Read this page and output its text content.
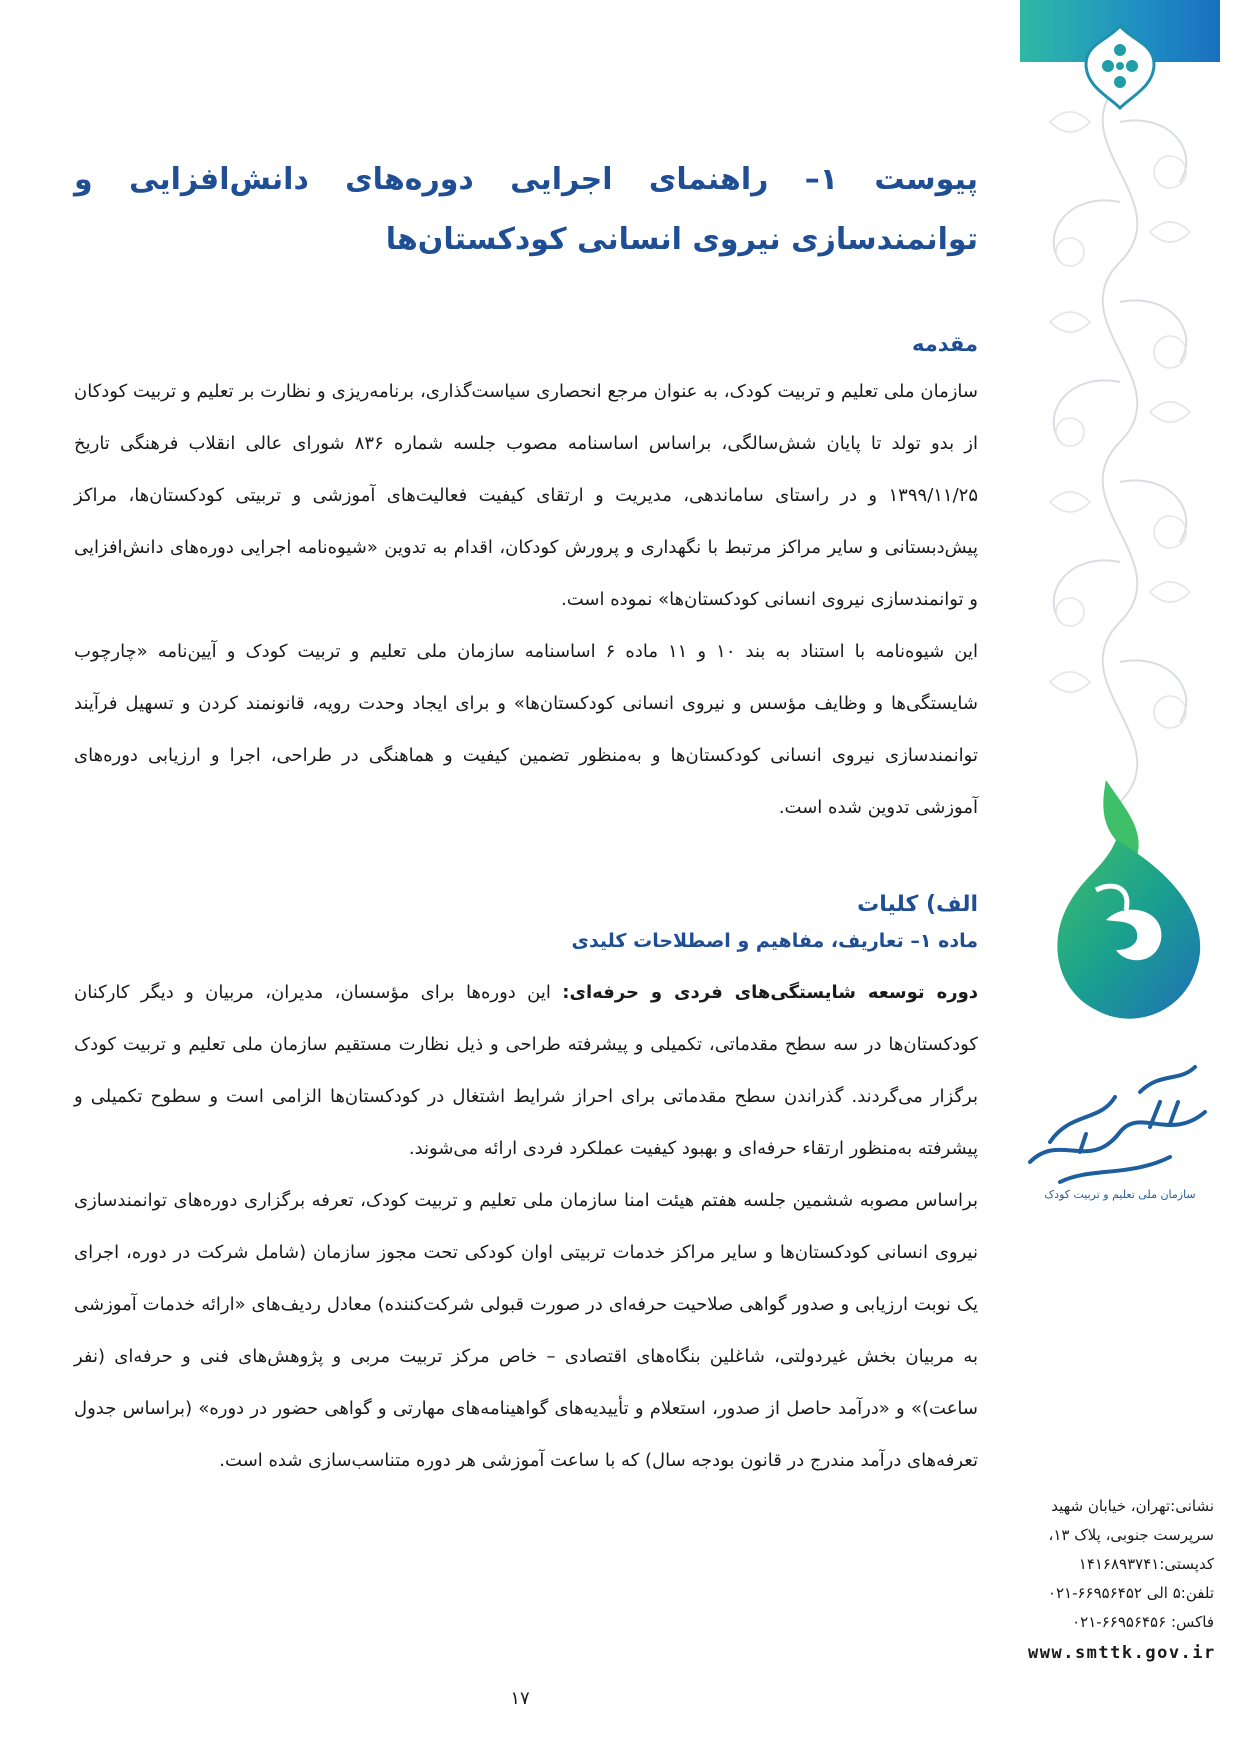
سازمان ملی تعلیم و تربیت کودک
نشانی:تهران، خیابان شهید
سرپرست جنوبی، پلاک ۱۳،
کدپستی:۱۴۱۶۸۹۳۷۴۱
تلفن:۵ الی ۶۶۹۵۶۴۵۲-۰۲۱
فاکس: ۶۶۹۵۶۴۵۶-۰۲۱
www.smttk.gov.ir
پیوست ۱– راهنمای اجرایی دوره‌های دانش‌افزایی و توانمندسازی نیروی انسانی کودکستان‌ها
مقدمه

سازمان ملی تعلیم و تربیت کودک، به عنوان مرجع انحصاری سیاست‌گذاری، برنامه‌ریزی و نظارت بر تعلیم و تربیت کودکان از بدو تولد تا پایان شش‌سالگی، براساس اساسنامه مصوب جلسه شماره ۸۳۶ شورای عالی انقلاب فرهنگی تاریخ ۱۳۹۹/۱۱/۲۵ و در راستای ساماندهی، مدیریت و ارتقای کیفیت فعالیت‌های آموزشی و تربیتی کودکستان‌ها، مراکز پیش‌دبستانی و سایر مراکز مرتبط با نگهداری و پرورش کودکان، اقدام به تدوین «شیوه‌نامه اجرایی دوره‌های دانش‌افزایی و توانمندسازی نیروی انسانی کودکستان‌ها» نموده است.

این شیوه‌نامه با استناد به بند ۱۰ و ۱۱ ماده ۶ اساسنامه سازمان ملی تعلیم و تربیت کودک و آیین‌نامه «چارچوب شایستگی‌ها و وظایف مؤسس و نیروی انسانی کودکستان‌ها» و برای ایجاد وحدت رویه، قانونمند کردن و تسهیل فرآیند توانمندسازی نیروی انسانی کودکستان‌ها و به‌منظور تضمین کیفیت و هماهنگی در طراحی، اجرا و ارزیابی دوره‌های آموزشی تدوین شده است.

الف) کلیات
ماده ۱– تعاریف، مفاهیم و اصطلاحات کلیدی

دوره توسعه شایستگی‌های فردی و حرفه‌ای: این دوره‌ها برای مؤسسان، مدیران، مربیان و دیگر کارکنان کودکستان‌ها در سه سطح مقدماتی، تکمیلی و پیشرفته طراحی و ذیل نظارت مستقیم سازمان ملی تعلیم و تربیت کودک برگزار می‌گردند. گذراندن سطح مقدماتی برای احراز شرایط اشتغال در کودکستان‌ها الزامی است و سطوح تکمیلی و پیشرفته به‌منظور ارتقاء حرفه‌ای و بهبود کیفیت عملکرد فردی ارائه می‌شوند.

براساس مصوبه ششمین جلسه هفتم هیئت امنا سازمان ملی تعلیم و تربیت کودک، تعرفه برگزاری دوره‌های توانمندسازی نیروی انسانی کودکستان‌ها و سایر مراکز خدمات تربیتی اوان کودکی تحت مجوز سازمان (شامل شرکت در دوره، اجرای یک نوبت ارزیابی و صدور گواهی صلاحیت حرفه‌ای در صورت قبولی شرکت‌کننده) معادل ردیف‌های «ارائه خدمات آموزشی به مربیان بخش غیردولتی، شاغلین بنگاه‌های اقتصادی – خاص مرکز تربیت مربی و پژوهش‌های فنی و حرفه‌ای (نفر ساعت)» و «درآمد حاصل از صدور، استعلام و تأییدیه‌های گواهینامه‌های مهارتی و گواهی حضور در دوره» (براساس جدول تعرفه‌های درآمد مندرج در قانون بودجه سال) که با ساعت آموزشی هر دوره متناسب‌سازی شده است.

۱۷
